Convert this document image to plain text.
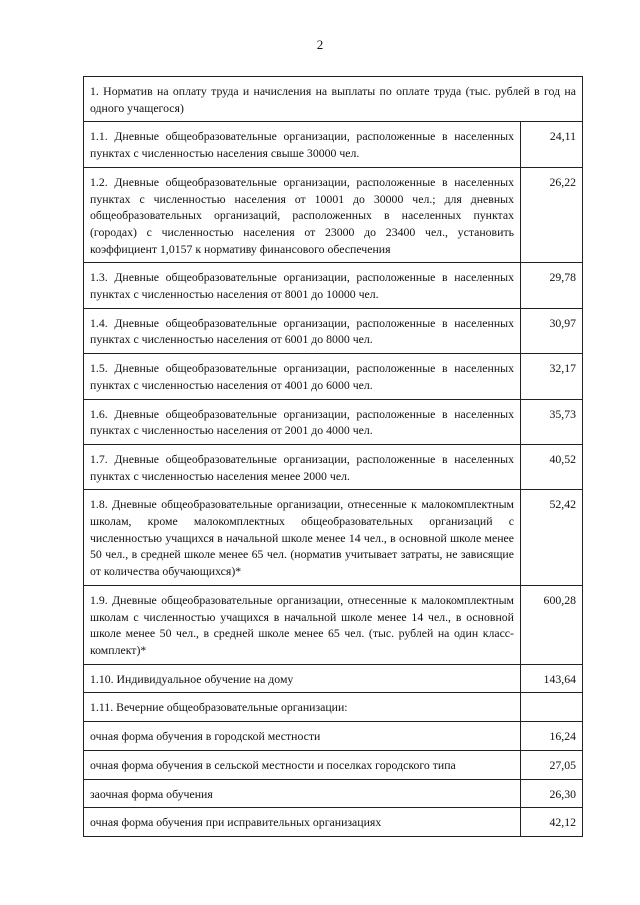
2
1. Норматив на оплату труда и начисления на выплаты по оплате труда (тыс. рублей в год на одного учащегося)	
1.1. Дневные общеобразовательные организации, расположенные в населенных пунктах с численностью населения свыше 30000 чел.	24,11
1.2. Дневные общеобразовательные организации, расположенные в населенных пунктах с численностью населения от 10001 до 30000 чел.; для дневных общеобразовательных организаций, расположенных в населенных пунктах (городах) с численностью населения от 23000 до 23400 чел., установить коэффициент 1,0157 к нормативу финансового обеспечения	26,22
1.3. Дневные общеобразовательные организации, расположенные в населенных пунктах с численностью населения от 8001 до 10000 чел.	29,78
1.4. Дневные общеобразовательные организации, расположенные в населенных пунктах с численностью населения от 6001 до 8000 чел.	30,97
1.5. Дневные общеобразовательные организации, расположенные в населенных пунктах с численностью населения от 4001 до 6000 чел.	32,17
1.6. Дневные общеобразовательные организации, расположенные в населенных пунктах с численностью населения от 2001 до 4000 чел.	35,73
1.7. Дневные общеобразовательные организации, расположенные в населенных пунктах с численностью населения менее 2000 чел.	40,52
1.8. Дневные общеобразовательные организации, отнесенные к малокомплектным школам, кроме малокомплектных общеобразовательных организаций с численностью учащихся в начальной школе менее 14 чел., в основной школе менее 50 чел., в средней школе менее 65 чел. (норматив учитывает затраты, не зависящие от количества обучающихся)*	52,42
1.9. Дневные общеобразовательные организации, отнесенные к малокомплектным школам с численностью учащихся в начальной школе менее 14 чел., в основной школе менее 50 чел., в средней школе менее 65 чел. (тыс. рублей на один класс-комплект)*	600,28
1.10. Индивидуальное обучение на дому	143,64
1.11. Вечерние общеобразовательные организации:	
очная форма обучения в городской местности	16,24
очная форма обучения в сельской местности и поселках городского типа	27,05
заочная форма обучения	26,30
очная форма обучения при исправительных организациях	42,12
